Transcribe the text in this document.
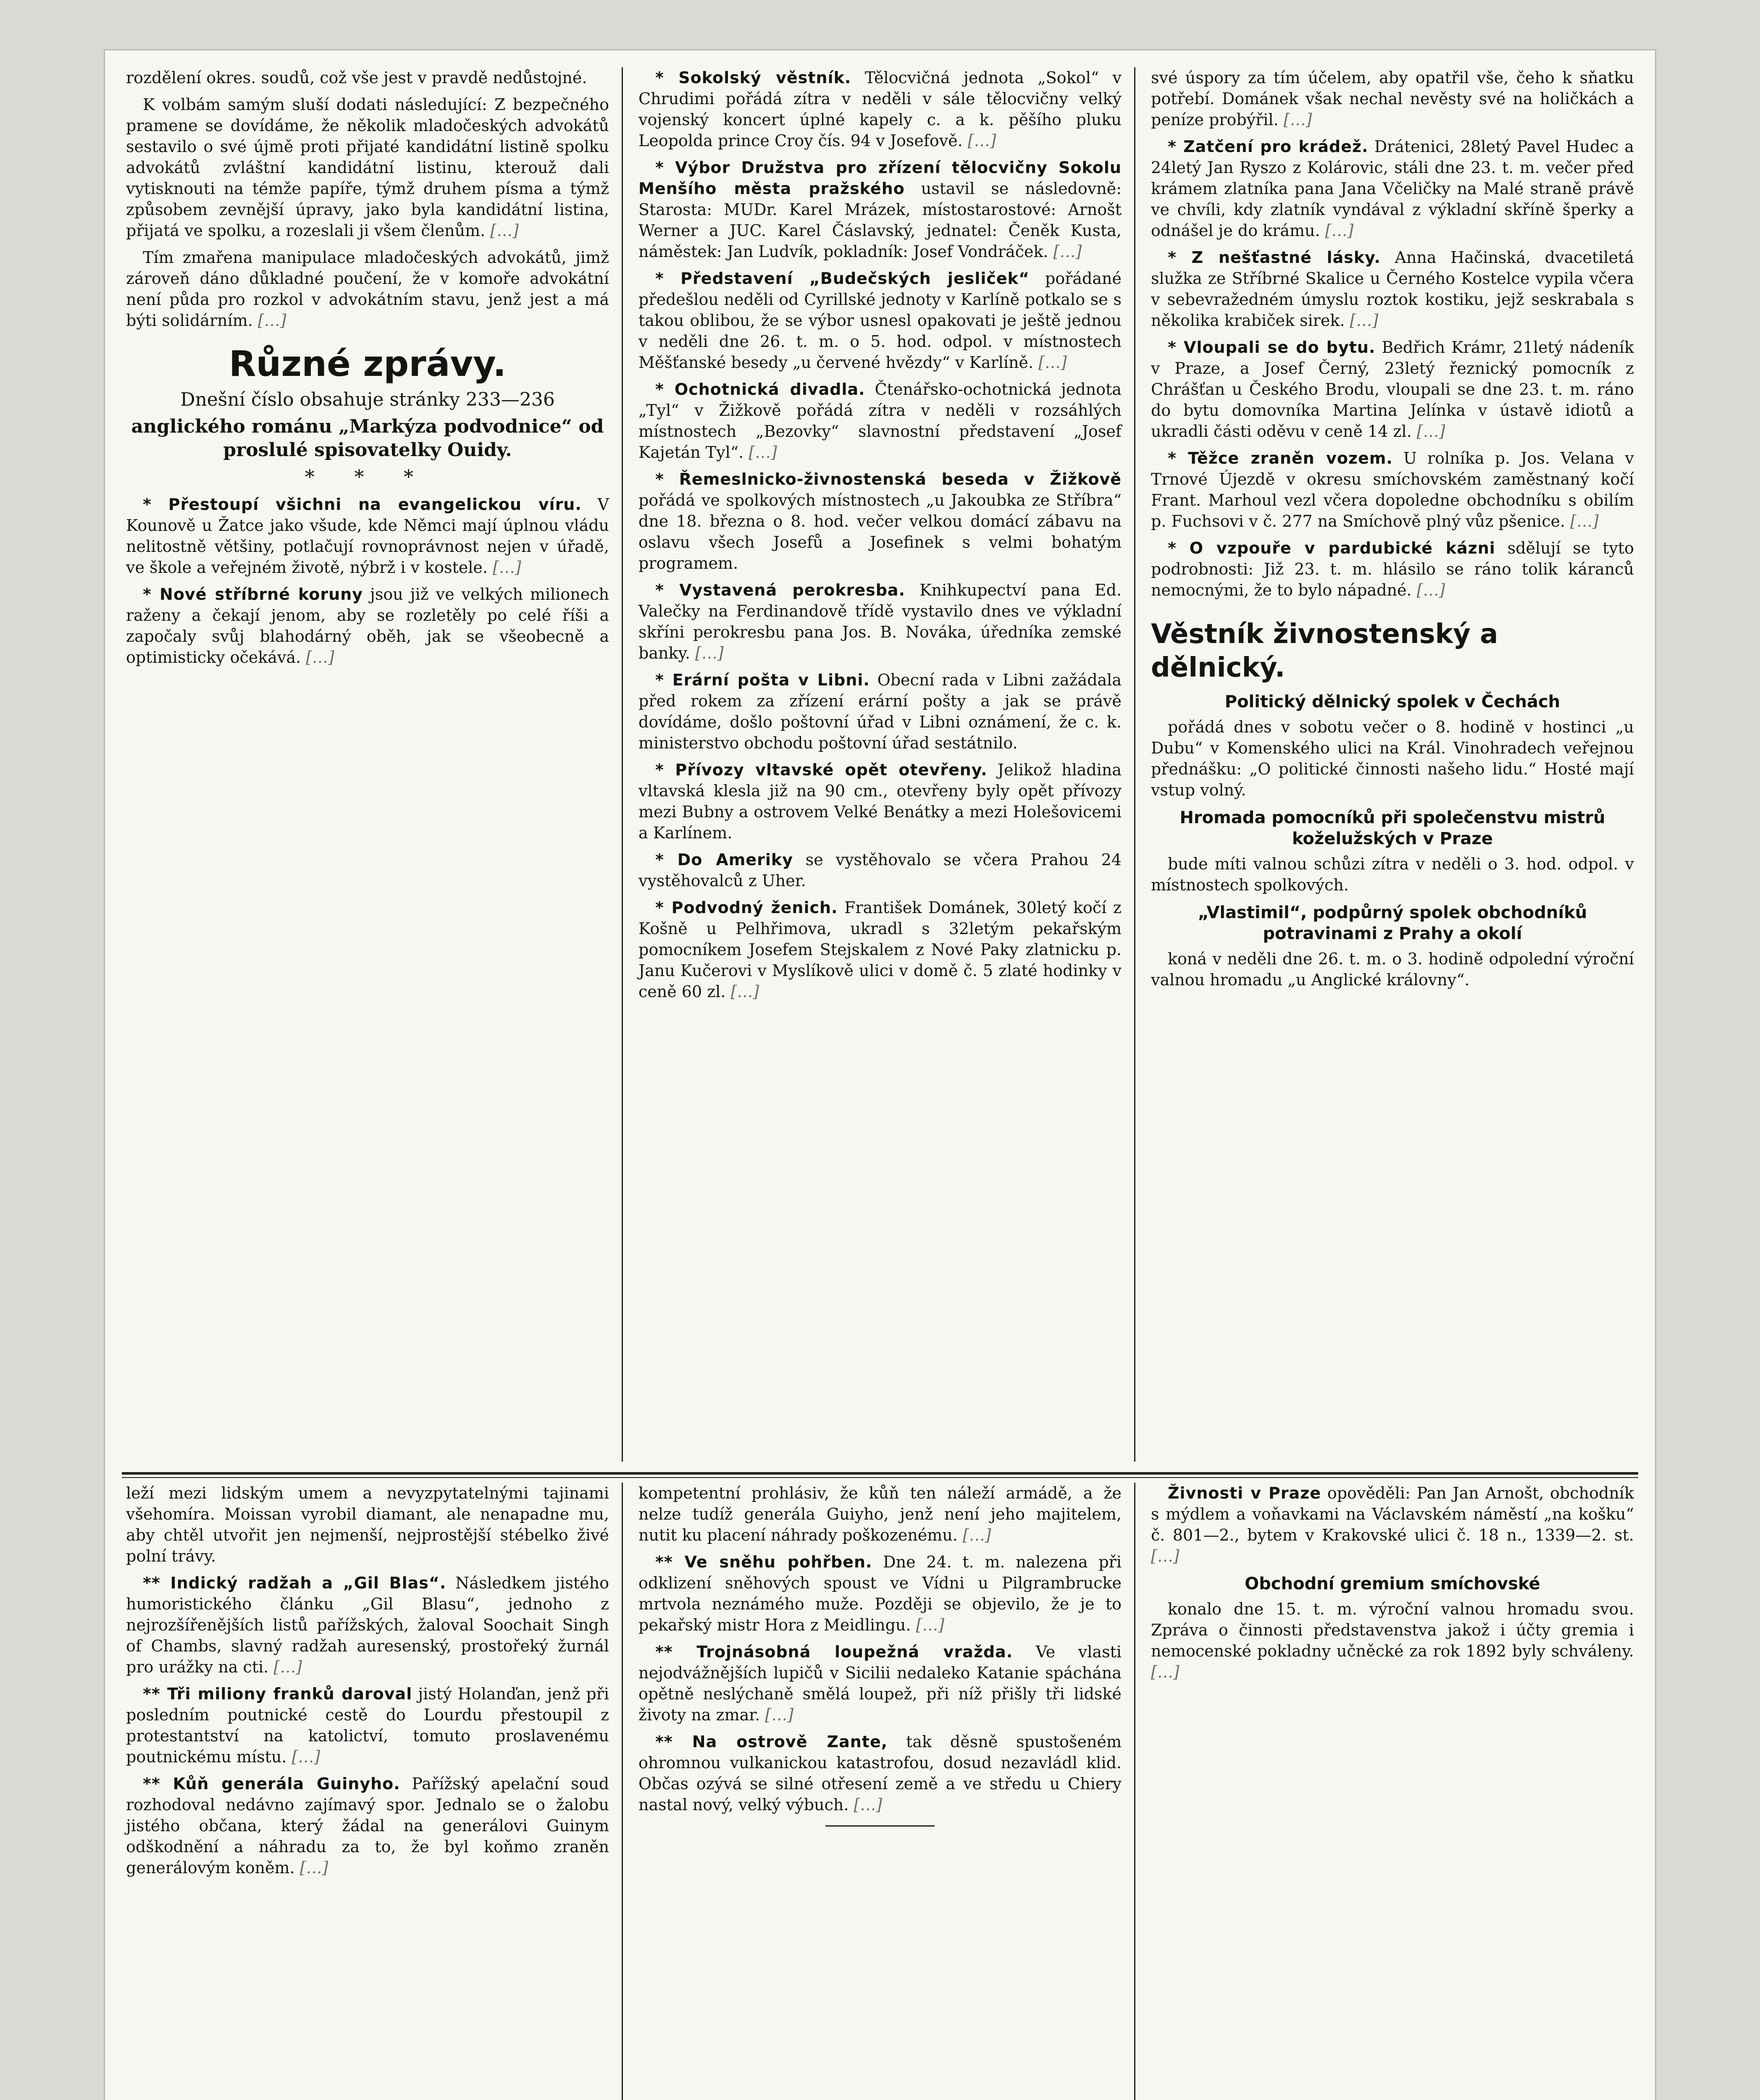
rozdělení okres. soudů, což vše jest v pravdě nedůstojné.

K volbám samým sluší dodati následující: Z bezpečného pramene se dovídáme, že několik mladočeských advokátů sestavilo o své újmě proti přijaté kandidátní listině spolku advokátů zvláštní kandidátní listinu, kterouž dali vytisknouti na témže papíře, týmž druhem písma a týmž způsobem zevnější úpravy, jako byla kandidátní listina, přijatá ve spolku, a rozeslali ji všem členům. […]

Tím zmařena manipulace mladočeských advokátů, jimž zároveň dáno důkladné poučení, že v komoře advokátní není půda pro rozkol v advokátním stavu, jenž jest a má býti solidárním. […]

Různé zprávy.
Dnešní číslo obsahuje stránky 233—236
anglického románu „Markýza podvodnice“ od proslulé spisovatelky Ouidy.
* * *

* Přestoupí všichni na evangelickou víru. V Kounově u Žatce jako všude, kde Němci mají úplnou vládu nelitostně většiny, potlačují rovnoprávnost nejen v úřadě, ve škole a veřejném životě, nýbrž i v kostele. […]

* Nové stříbrné koruny jsou již ve velkých milionech raženy a čekají jenom, aby se rozletěly po celé říši a započaly svůj blahodárný oběh, jak se všeobecně a optimisticky očekává. […]

* Sokolský věstník. Tělocvičná jednota „Sokol“ v Chrudimi pořádá zítra v neděli v sále tělocvičny velký vojenský koncert úplné kapely c. a k. pěšího pluku Leopolda prince Croy čís. 94 v Josefově. […]

* Výbor Družstva pro zřízení tělocvičny Sokolu Menšího města pražského ustavil se následovně: Starosta: MUDr. Karel Mrázek, místostarostové: Arnošt Werner a JUC. Karel Čáslavský, jednatel: Čeněk Kusta, náměstek: Jan Ludvík, pokladník: Josef Vondráček. […]

* Představení „Budečských jesliček“ pořádané předešlou neděli od Cyrillské jednoty v Karlíně potkalo se s takou oblibou, že se výbor usnesl opakovati je ještě jednou v neděli dne 26. t. m. o 5. hod. odpol. v místnostech Měšťanské besedy „u červené hvězdy“ v Karlíně. […]

* Ochotnická divadla. Čtenářsko-ochotnická jednota „Tyl“ v Žižkově pořádá zítra v neděli v rozsáhlých místnostech „Bezovky“ slavnostní představení „Josef Kajetán Tyl“. […]

* Řemeslnicko-živnostenská beseda v Žižkově pořádá ve spolkových místnostech „u Jakoubka ze Stříbra“ dne 18. března o 8. hod. večer velkou domácí zábavu na oslavu všech Josefů a Josefinek s velmi bohatým programem.

* Vystavená perokresba. Knihkupectví pana Ed. Valečky na Ferdinandově třídě vystavilo dnes ve výkladní skříni perokresbu pana Jos. B. Nováka, úředníka zemské banky. […]

* Erární pošta v Libni. Obecní rada v Libni zažádala před rokem za zřízení erární pošty a jak se právě dovídáme, došlo poštovní úřad v Libni oznámení, že c. k. ministerstvo obchodu poštovní úřad sestátnilo.

* Přívozy vltavské opět otevřeny. Jelikož hladina vltavská klesla již na 90 cm., otevřeny byly opět přívozy mezi Bubny a ostrovem Velké Benátky a mezi Holešovicemi a Karlínem.

* Do Ameriky se vystěhovalo se včera Prahou 24 vystěhovalců z Uher.

* Podvodný ženich. František Dománek, 30letý kočí z Košně u Pelhřimova, ukradl s 32letým pekařským pomocníkem Josefem Stejskalem z Nové Paky zlatnicku p. Janu Kučerovi v Myslíkově ulici v domě č. 5 zlaté hodinky v ceně 60 zl. […]

své úspory za tím účelem, aby opatřil vše, čeho k sňatku potřebí. Dománek však nechal nevěsty své na holičkách a peníze probýřil. […]

* Zatčení pro krádež. Drátenici, 28letý Pavel Hudec a 24letý Jan Ryszo z Kolárovic, stáli dne 23. t. m. večer před krámem zlatníka pana Jana Včeličky na Malé straně právě ve chvíli, kdy zlatník vyndával z výkladní skříně šperky a odnášel je do krámu. […]

* Z nešťastné lásky. Anna Hačinská, dvacetiletá služka ze Stříbrné Skalice u Černého Kostelce vypila včera v sebevražedném úmyslu roztok kostiku, jejž seskrabala s několika krabiček sirek. […]

* Vloupali se do bytu. Bedřich Krámr, 21letý nádeník v Praze, a Josef Černý, 23letý řeznický pomocník z Chrášťan u Českého Brodu, vloupali se dne 23. t. m. ráno do bytu domovníka Martina Jelínka v ústavě idiotů a ukradli části oděvu v ceně 14 zl. […]

* Těžce zraněn vozem. U rolníka p. Jos. Velana v Trnové Újezdě v okresu smíchovském zaměstnaný kočí Frant. Marhoul vezl včera dopoledne obchodníku s obilím p. Fuchsovi v č. 277 na Smíchově plný vůz pšenice. […]

* O vzpouře v pardubické kázni sdělují se tyto podrobnosti: Již 23. t. m. hlásilo se ráno tolik káranců nemocnými, že to bylo nápadné. […]

Věstník živnostenský a dělnický.
Politický dělnický spolek v Čechách

pořádá dnes v sobotu večer o 8. hodině v hostinci „u Dubu“ v Komenského ulici na Král. Vinohradech veřejnou přednášku: „O politické činnosti našeho lidu.“ Hosté mají vstup volný.

Hromada pomocníků při společenstvu mistrů koželužských v Praze

bude míti valnou schůzi zítra v neděli o 3. hod. odpol. v místnostech spolkových.

„Vlastimil“, podpůrný spolek obchodníků potravinami z Prahy a okolí

koná v neděli dne 26. t. m. o 3. hodině odpolední výroční valnou hromadu „u Anglické královny“.

leží mezi lidským umem a nevyzpytatelnými tajinami všehomíra. Moissan vyrobil diamant, ale nenapadne mu, aby chtěl utvořit jen nejmenší, nejprostější stébelko živé polní trávy.

** Indický radžah a „Gil Blas“. Následkem jistého humoristického článku „Gil Blasu“, jednoho z nejrozšířenějších listů pařížských, žaloval Soochait Singh of Chambs, slavný radžah auresenský, prostořeký žurnál pro urážky na cti. […]

** Tři miliony franků daroval jistý Holanďan, jenž při posledním poutnické cestě do Lourdu přestoupil z protestantství na katolictví, tomuto proslavenému poutnickému místu. […]

** Kůň generála Guinyho. Pařížský apelační soud rozhodoval nedávno zajímavý spor. Jednalo se o žalobu jistého občana, který žádal na generálovi Guinym odškodnění a náhradu za to, že byl koňmo zraněn generálovým koněm. […]

kompetentní prohlásiv, že kůň ten náleží armádě, a že nelze tudíž generála Guiyho, jenž není jeho majitelem, nutit ku placení náhrady poškozenému. […]

** Ve sněhu pohřben. Dne 24. t. m. nalezena při odklizení sněhových spoust ve Vídni u Pilgrambrucke mrtvola neznámého muže. Později se objevilo, že je to pekařský mistr Hora z Meidlingu. […]

** Trojnásobná loupežná vražda. Ve vlasti nejodvážnějších lupičů v Sicilii nedaleko Katanie spáchána opětně neslýchaně smělá loupež, při níž přišly tři lidské životy na zmar. […]

** Na ostrově Zante, tak děsně spustošeném ohromnou vulkanickou katastrofou, dosud nezavládl klid. Občas ozývá se silné otřesení země a ve středu u Chiery nastal nový, velký výbuch. […]

Živnosti v Praze opověděli: Pan Jan Arnošt, obchodník s mýdlem a voňavkami na Václavském náměstí „na košku“ č. 801—2., bytem v Krakovské ulici č. 18 n., 1339—2. st. […]

Obchodní gremium smíchovské

konalo dne 15. t. m. výroční valnou hromadu svou. Zpráva o činnosti představenstva jakož i účty gremia i nemocenské pokladny učněcké za rok 1892 byly schváleny. […]
